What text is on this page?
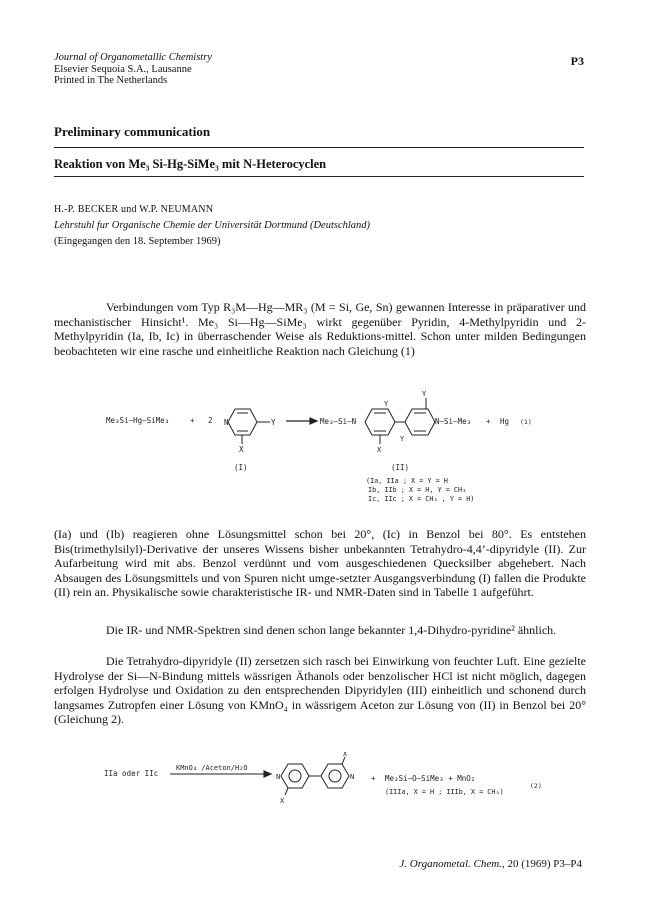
Journal of Organometallic Chemistry
Elsevier Sequoia S.A., Lausanne
Printed in The Netherlands
P3
Preliminary communication
Reaktion von Me₃ Si-Hg-SiMe₃ mit N-Heterocyclen
H.-P. BECKER und W.P. NEUMANN
Lehrstuhl fur Organische Chemie der Universität Dortmund (Deutschland)
(Eingegangen den 18. September 1969)
Verbindungen vom Typ R₃M—Hg—MR₃ (M = Si, Ge, Sn) gewannen Interesse in präparativer und mechanistischer Hinsicht¹. Me₃ Si—Hg—SiMe₃ wirkt gegenüber Pyridin, 4-Methylpyridin und 2-Methylpyridin (Ia, Ib, Ic) in überraschender Weise als Reduktions-mittel. Schon unter milden Bedingungen beobachteten wir eine rasche und einheitliche Reaktion nach Gleichung (1)
Me₃Si—Hg—SiMe₃	+ 2 N	Y
X
(I)
Me₃—Si—N
Y
Y
Y
X
N—Si—Me₃ + Hg (1)
(II)
(Ia, IIa ; X = Y = H
Ib, IIb ; X = H, Y = CH₃
Ic, IIc ; X = CH₃ , Y = H)
(Ia) und (Ib) reagieren ohne Lösungsmittel schon bei 20°, (Ic) in Benzol bei 80°. Es entstehen Bis(trimethylsilyl)-Derivative der unseres Wissens bisher unbekannten Tetrahydro-4,4’-dipyridyle (II). Zur Aufarbeitung wird mit abs. Benzol verdünnt und vom ausgeschiedenen Quecksilber abgehebert. Nach Absaugen des Lösungsmittels und von Spuren nicht umge-setzter Ausgangsverbindung (I) fallen die Produkte (II) rein an. Physikalische sowie charakteristische IR- und NMR-Daten sind in Tabelle 1 aufgeführt.
Die IR- und NMR-Spektren sind denen schon lange bekannter 1,4-Dihydro-pyridine² ähnlich.
Die Tetrahydro-dipyridyle (II) zersetzen sich rasch bei Einwirkung von feuchter Luft. Eine gezielte Hydrolyse der Si—N-Bindung mittels wässrigen Äthanols oder benzolischer HCl ist nicht möglich, dagegen erfolgen Hydrolyse und Oxidation zu den entsprechenden Dipyridylen (III) einheitlich und schonend durch langsames Zutropfen einer Lösung von KMnO₄ in wässrigem Aceton zur Lösung von (II) in Benzol bei 20° (Gleichung 2).
IIa oder IIc
KMnO₄ /Aceton/H₂O
N	N
X
X
+ Me₃Si—O—SiMe₃ + MnO₂
(IIIa, X = H ; IIIb, X = CH₃)
(2)
J. Organometal. Chem., 20 (1969) P3–P4
